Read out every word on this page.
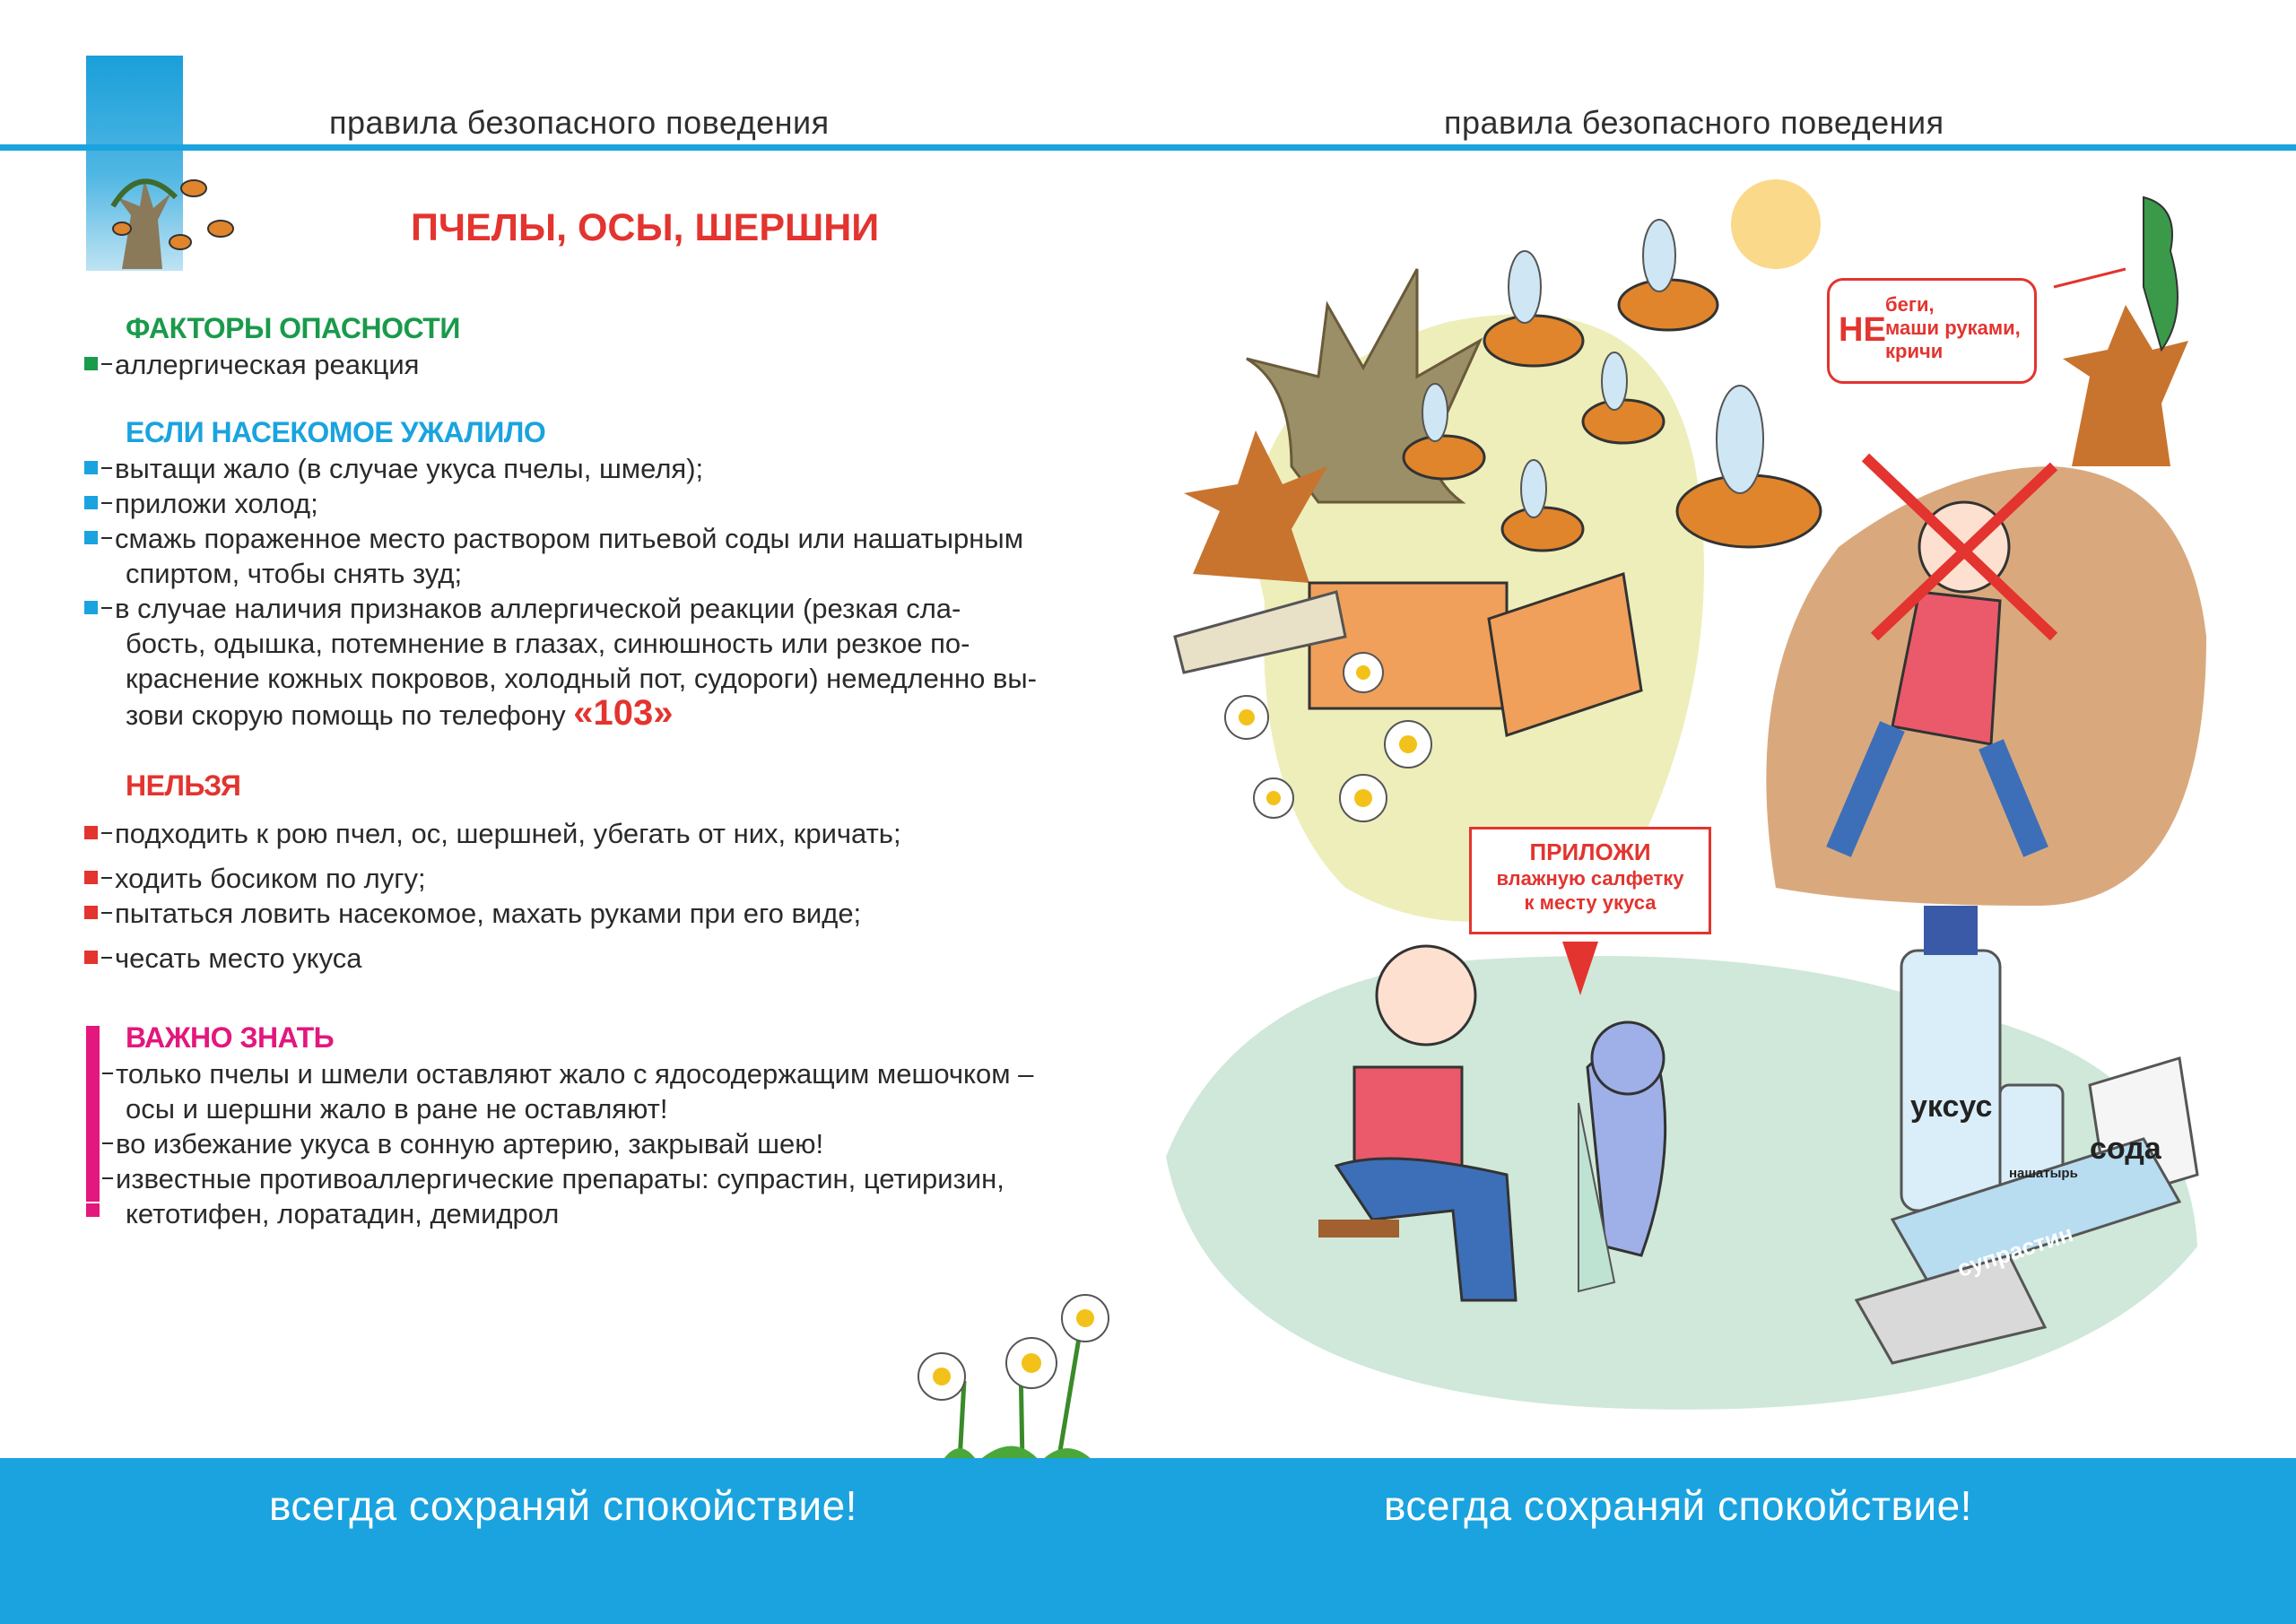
правила безопасного поведения	правила безопасного поведения
ПЧЕЛЫ, ОСЫ, ШЕРШНИ
ФАКТОРЫ ОПАСНОСТИ
аллергическая реакция
ЕСЛИ НАСЕКОМОЕ УЖАЛИЛО
вытащи жало (в случае укуса пчелы, шмеля);
приложи холод;
смажь пораженное место раствором питьевой соды или нашатырным
спиртом, чтобы снять зуд;
в случае наличия признаков аллергической реакции (резкая сла-
бость, одышка, потемнение в глазах, синюшность или резкое по-
краснение кожных покровов, холодный пот, судороги) немедленно вы-
зови скорую помощь по телефону «103»
НЕЛЬЗЯ
подходить к рою пчел, ос, шершней, убегать от них, кричать;
ходить босиком по лугу;
пытаться ловить насекомое, махать руками при его виде;
чесать место укуса
ВАЖНО ЗНАТЬ
только пчелы и шмели оставляют жало с ядосодержащим мешочком –
осы и шершни жало в ране не оставляют!
во избежание укуса в сонную артерию, закрывай шею!
известные противоаллергические препараты: супрастин, цетиризин,
кетотифен, лоратадин, демидрол
НЕ
беги,
маши руками,
кричи
ПРИЛОЖИ
влажную салфетку
к месту укуса
уксус
нашатырь
сода
супрастин
всегда сохраняй спокойствие!	всегда сохраняй спокойствие!
